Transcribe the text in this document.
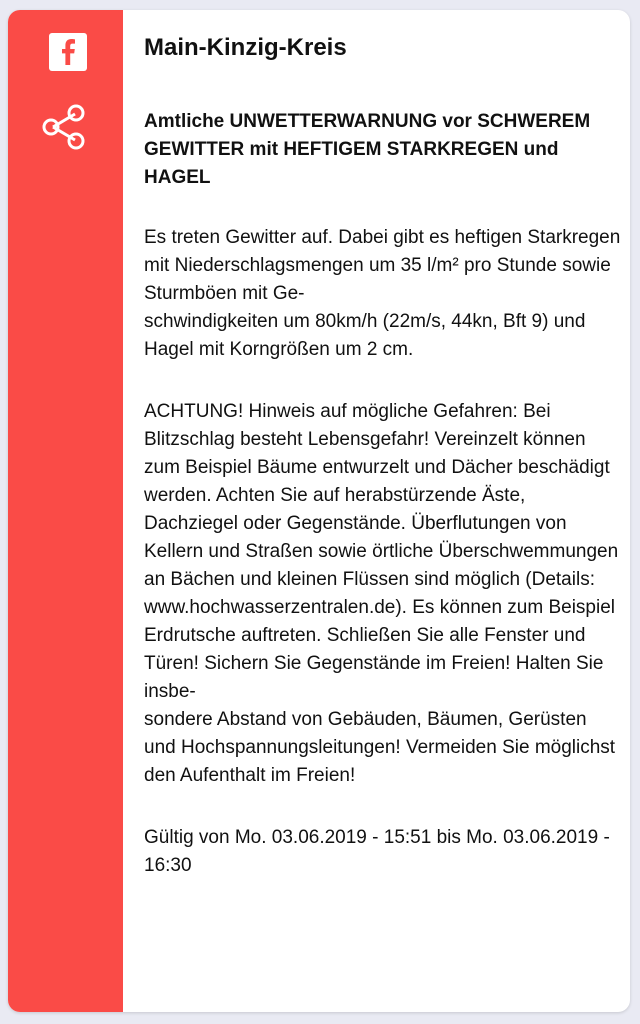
Main-Kinzig-Kreis
Amtliche UNWETTERWARNUNG vor SCHWEREM GEWITTER mit HEFTIGEM STARKREGEN und HAGEL
Es treten Gewitter auf. Dabei gibt es heftigen Starkregen mit Niederschlagsmengen um 35 l/m² pro Stunde sowie Sturmböen mit Ge-
schwindigkeiten um 80km/h (22m/s, 44kn, Bft 9) und Hagel mit Korngrößen um 2 cm.
ACHTUNG! Hinweis auf mögliche Gefahren: Bei Blitzschlag besteht Lebensgefahr! Vereinzelt können zum Beispiel Bäume entwurzelt und Dächer beschädigt
werden. Achten Sie auf herabstürzende Äste, Dachziegel oder Gegenstände. Überflutungen von Kellern und Straßen sowie örtliche Überschwemmungen an Bächen und kleinen Flüssen sind möglich (Details: www.hochwasserzentralen.de). Es können zum Beispiel Erdrutsche auftreten. Schließen Sie alle Fenster und Türen! Sichern Sie Gegenstände im Freien! Halten Sie insbe-
sondere Abstand von Gebäuden, Bäumen, Gerüsten und Hochspannungsleitungen! Vermeiden Sie möglichst den Aufenthalt im Freien!
Gültig von Mo. 03.06.2019 - 15:51 bis Mo. 03.06.2019 - 16:30
